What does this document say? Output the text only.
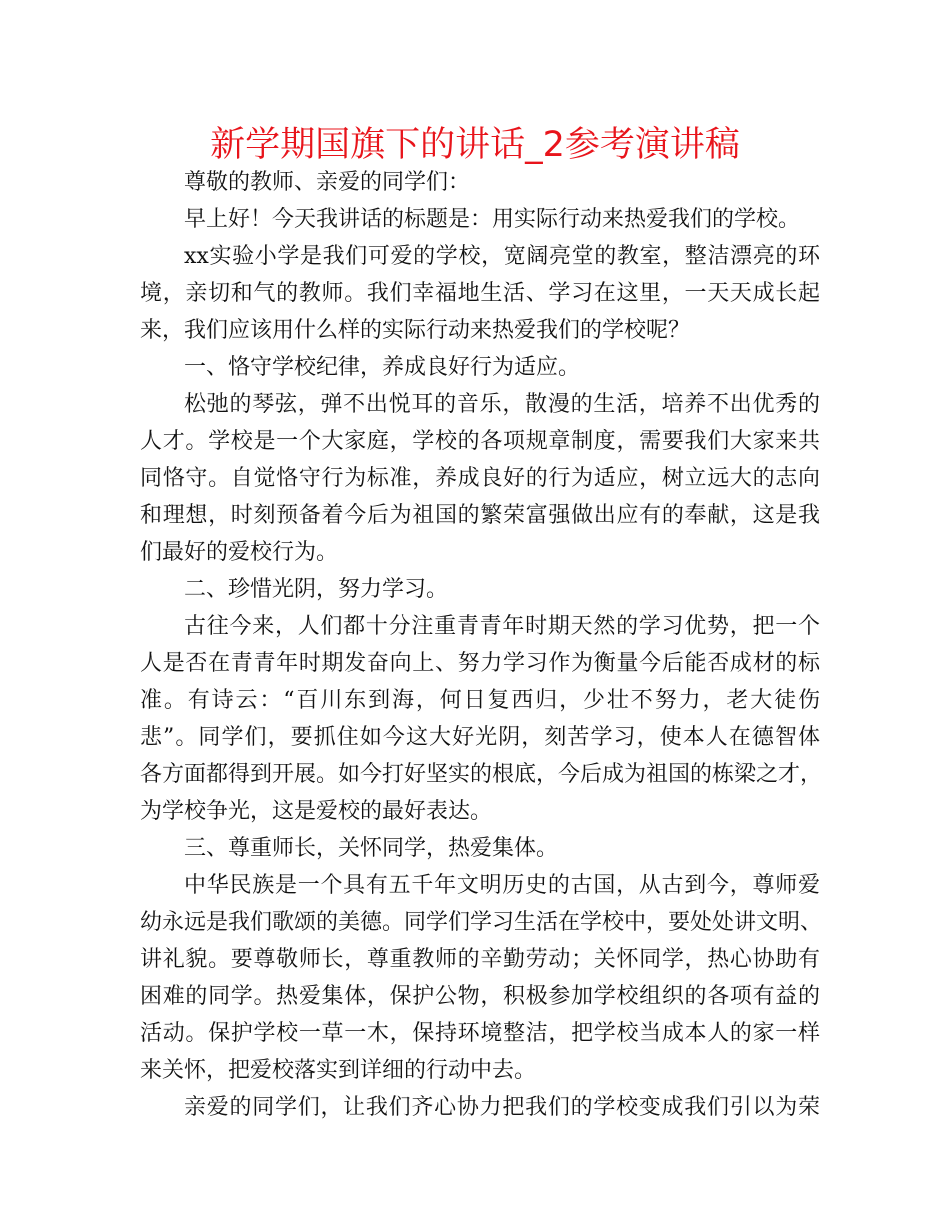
新学期国旗下的讲话_2参考演讲稿
尊敬的教师、亲爱的同学们：
早上好！今天我讲话的标题是：用实际行动来热爱我们的学校。
xx实验小学是我们可爱的学校，宽阔亮堂的教室，整洁漂亮的环
境，亲切和气的教师。我们幸福地生活、学习在这里，一天天成长起
来，我们应该用什么样的实际行动来热爱我们的学校呢？
一、恪守学校纪律，养成良好行为适应。
松弛的琴弦，弹不出悦耳的音乐，散漫的生活，培养不出优秀的
人才。学校是一个大家庭，学校的各项规章制度，需要我们大家来共
同恪守。自觉恪守行为标准，养成良好的行为适应，树立远大的志向
和理想，时刻预备着今后为祖国的繁荣富强做出应有的奉献，这是我
们最好的爱校行为。
二、珍惜光阴，努力学习。
古往今来，人们都十分注重青青年时期天然的学习优势，把一个
人是否在青青年时期发奋向上、努力学习作为衡量今后能否成材的标
准。有诗云：“百川东到海，何日复西归，少壮不努力，老大徒伤
悲”。同学们，要抓住如今这大好光阴，刻苦学习，使本人在德智体
各方面都得到开展。如今打好坚实的根底，今后成为祖国的栋梁之才，
为学校争光，这是爱校的最好表达。
三、尊重师长，关怀同学，热爱集体。
中华民族是一个具有五千年文明历史的古国，从古到今，尊师爱
幼永远是我们歌颂的美德。同学们学习生活在学校中，要处处讲文明、
讲礼貌。要尊敬师长，尊重教师的辛勤劳动；关怀同学，热心协助有
困难的同学。热爱集体，保护公物，积极参加学校组织的各项有益的
活动。保护学校一草一木，保持环境整洁，把学校当成本人的家一样
来关怀，把爱校落实到详细的行动中去。
亲爱的同学们，让我们齐心协力把我们的学校变成我们引以为荣
